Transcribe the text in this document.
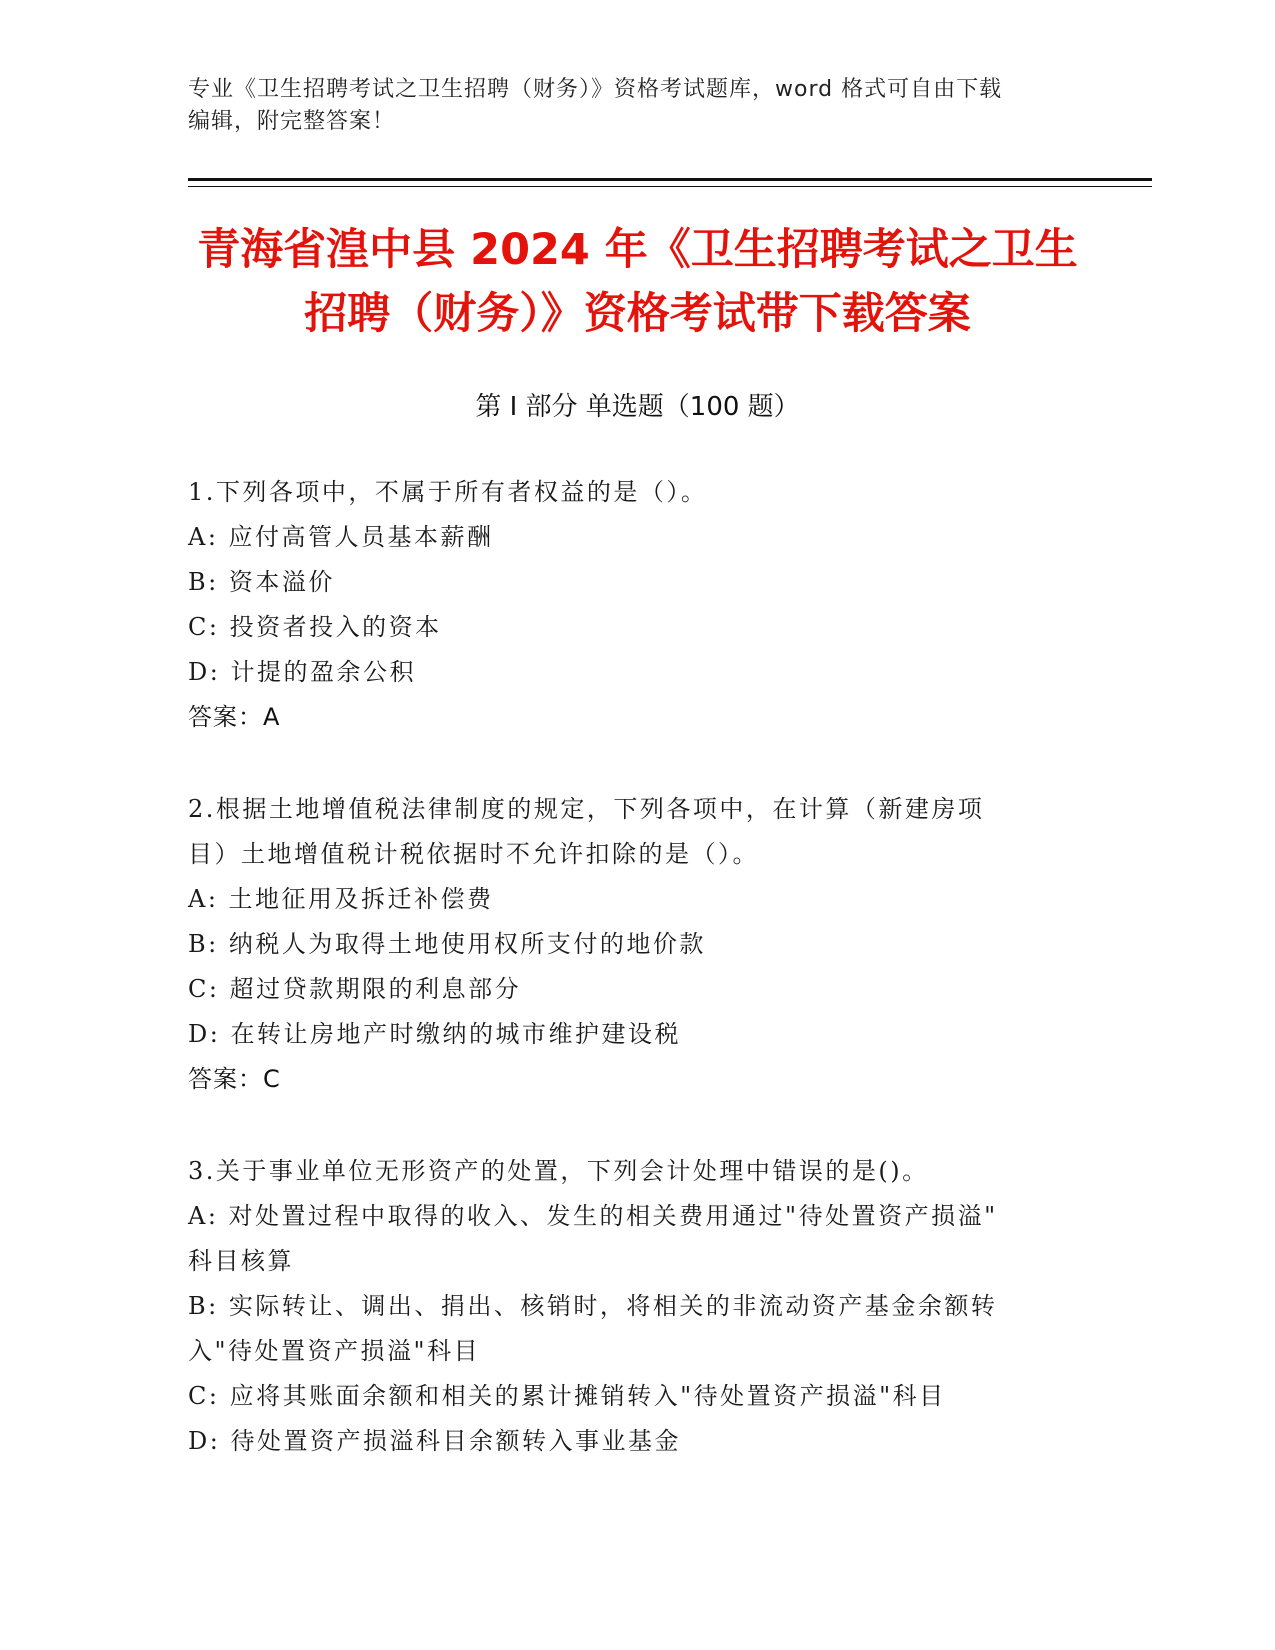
专业《卫生招聘考试之卫生招聘（财务）》资格考试题库，word 格式可自由下载
编辑，附完整答案！
青海省湟中县 2024 年《卫生招聘考试之卫生
招聘（财务）》资格考试带下载答案
第 I 部分 单选题（100 题）
1.下列各项中，不属于所有者权益的是（）。
A: 应付高管人员基本薪酬
B: 资本溢价
C: 投资者投入的资本
D: 计提的盈余公积
答案：A
2.根据土地增值税法律制度的规定，下列各项中，在计算（新建房项
目）土地增值税计税依据时不允许扣除的是（）。
A: 土地征用及拆迁补偿费
B: 纳税人为取得土地使用权所支付的地价款
C: 超过贷款期限的利息部分
D: 在转让房地产时缴纳的城市维护建设税
答案：C
3.关于事业单位无形资产的处置，下列会计处理中错误的是()。
A: 对处置过程中取得的收入、发生的相关费用通过"待处置资产损溢"
科目核算
B: 实际转让、调出、捐出、核销时，将相关的非流动资产基金余额转
入"待处置资产损溢"科目
C: 应将其账面余额和相关的累计摊销转入"待处置资产损溢"科目
D: 待处置资产损溢科目余额转入事业基金
